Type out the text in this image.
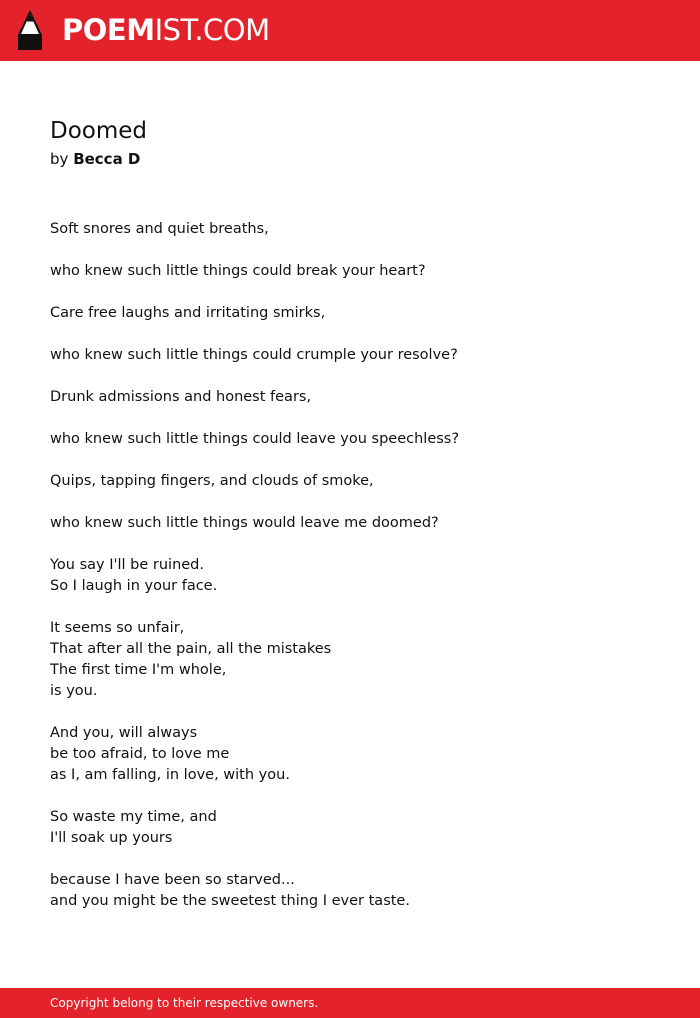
POEMIST.COM
Doomed
by Becca D

Soft snores and quiet breaths,

who knew such little things could break your heart?

Care free laughs and irritating smirks,

who knew such little things could crumple your resolve?

Drunk admissions and honest fears,

who knew such little things could leave you speechless?

Quips, tapping fingers, and clouds of smoke,

who knew such little things would leave me doomed?

You say I'll be ruined.
So I laugh in your face.

It seems so unfair,
That after all the pain, all the mistakes
The first time I'm whole,
is you.

And you, will always
be too afraid, to love me
as I, am falling, in love, with you.

So waste my time, and
I'll soak up yours

because I have been so starved...
and you might be the sweetest thing I ever taste.

Copyright belong to their respective owners.
